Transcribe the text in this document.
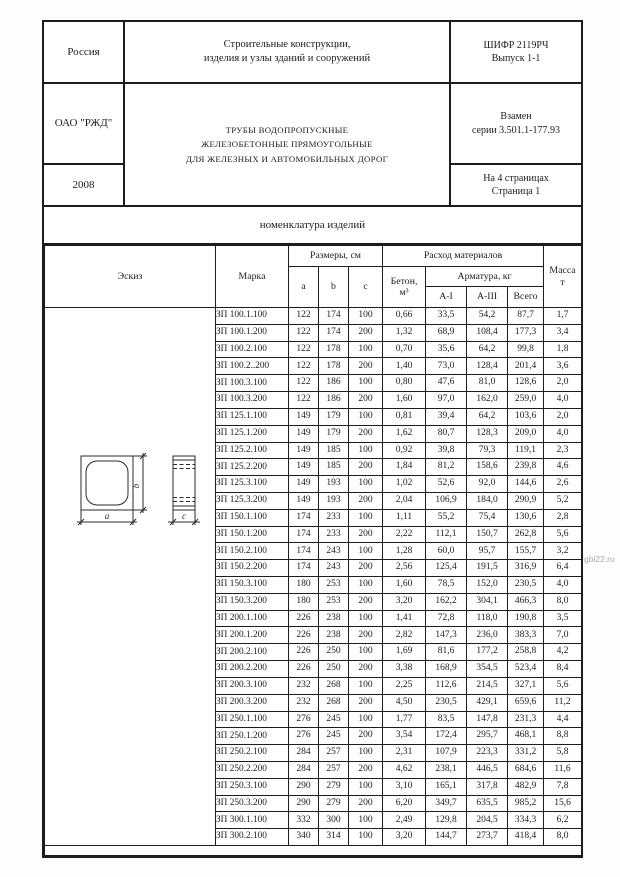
Россия
Строительные конструкции,
изделия и узлы зданий и сооружений
ШИФР 2119РЧ
Выпуск 1-1
ОАО "РЖД"
ТРУБЫ ВОДОПРОПУСКНЫЕ
ЖЕЛЕЗОБЕТОННЫЕ ПРЯМОУГОЛЬНЫЕ
ДЛЯ ЖЕЛЕЗНЫХ И АВТОМОБИЛЬНЫХ ДОРОГ
Взамен
серии 3.501.1-177.93
2008
На 4 страницах
Страница 1
номенклатура изделий
Эскиз	Марка	Размеры, см			Расход материалов				Масса
т
		a	b	c	Бетон,
м³	Арматура, кг			
						A-I	A-III	Всего	

b
a c	ЗП 100.1.100	122	174	100	0,66	33,5	54,2	87,7	1,7
	ЗП 100.1.200	122	174	200	1,32	68,9	108,4	177,3	3,4
	ЗП 100.2.100	122	178	100	0,70	35,6	64,2	99,8	1,8
	ЗП 100.2..200	122	178	200	1,40	73,0	128,4	201,4	3,6
	ЗП 100.3.100	122	186	100	0,80	47,6	81,0	128,6	2,0
	ЗП 100.3.200	122	186	200	1,60	97,0	162,0	259,0	4,0
	ЗП 125.1.100	149	179	100	0,81	39,4	64,2	103,6	2,0
	ЗП 125.1.200	149	179	200	1,62	80,7	128,3	209,0	4,0
	ЗП 125.2.100	149	185	100	0,92	39,8	79,3	119,1	2,3
	ЗП 125.2.200	149	185	200	1,84	81,2	158,6	239,8	4,6
	ЗП 125.3.100	149	193	100	1,02	52,6	92,0	144,6	2,6
	ЗП 125.3.200	149	193	200	2,04	106,9	184,0	290,9	5,2
	ЗП 150.1.100	174	233	100	1,11	55,2	75,4	130,6	2,8
	ЗП 150.1.200	174	233	200	2,22	112,1	150,7	262,8	5,6
	ЗП 150.2.100	174	243	100	1,28	60,0	95,7	155,7	3,2
	ЗП 150.2.200	174	243	200	2,56	125,4	191,5	316,9	6,4
	ЗП 150.3.100	180	253	100	1,60	78,5	152,0	230,5	4,0
	ЗП 150.3.200	180	253	200	3,20	162,2	304,1	466,3	8,0
	ЗП 200.1.100	226	238	100	1,41	72,8	118,0	190,8	3,5
	ЗП 200.1.200	226	238	200	2,82	147,3	236,0	383,3	7,0
	ЗП 200.2.100	226	250	100	1,69	81,6	177,2	258,8	4,2
	ЗП 200.2.200	226	250	200	3,38	168,9	354,5	523,4	8,4
	ЗП 200.3.100	232	268	100	2,25	112,6	214,5	327,1	5,6
	ЗП 200.3.200	232	268	200	4,50	230,5	429,1	659,6	11,2
	ЗП 250.1.100	276	245	100	1,77	83,5	147,8	231,3	4,4
	ЗП 250.1.200	276	245	200	3,54	172,4	295,7	468,1	8,8
	ЗП 250.2.100	284	257	100	2,31	107,9	223,3	331,2	5,8
	ЗП 250.2.200	284	257	200	4,62	238,1	446,5	684,6	11,6
	ЗП 250.3.100	290	279	100	3,10	165,1	317,8	482,9	7,8
	ЗП 250.3.200	290	279	200	6,20	349,7	635,5	985,2	15,6
	ЗП 300.1.100	332	300	100	2,49	129,8	204,5	334,3	6,2
	ЗП 300.2.100	340	314	100	3,20	144,7	273,7	418,4	8,0

gbi22.ru
